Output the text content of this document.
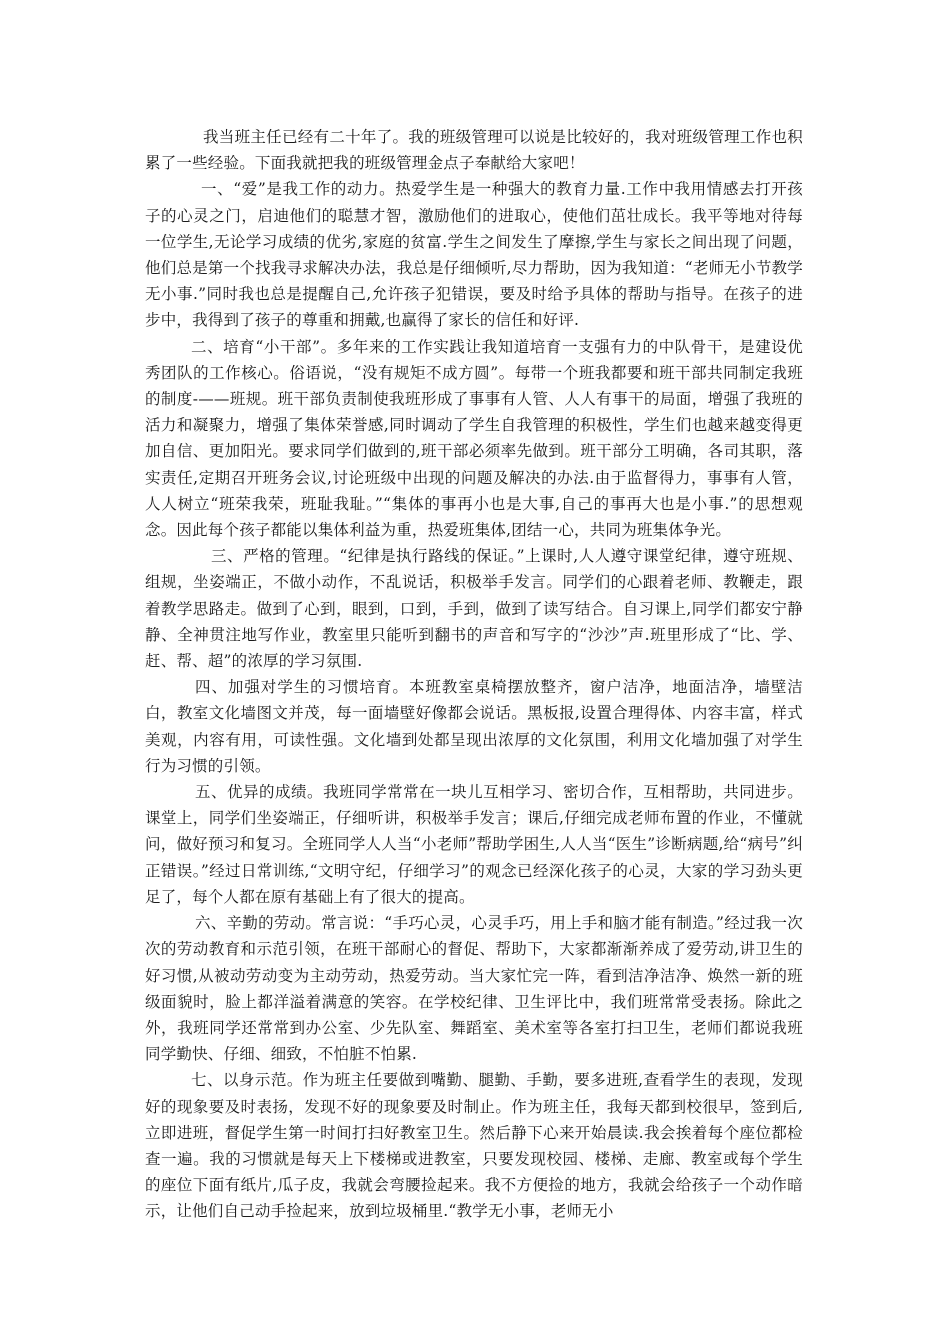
我当班主任已经有二十年了。我的班级管理可以说是比较好的，我对班级管理工作也积累了一些经验。下面我就把我的班级管理金点子奉献给大家吧！

一、“爱”是我工作的动力。热爱学生是一种强大的教育力量.工作中我用情感去打开孩子的心灵之门，启迪他们的聪慧才智，激励他们的进取心，使他们茁壮成长。我平等地对待每一位学生,无论学习成绩的优劣,家庭的贫富.学生之间发生了摩擦,学生与家长之间出现了问题，他们总是第一个找我寻求解决办法，我总是仔细倾听,尽力帮助，因为我知道：“老师无小节教学无小事.”同时我也总是提醒自己,允许孩子犯错误，要及时给予具体的帮助与指导。在孩子的进步中，我得到了孩子的尊重和拥戴,也赢得了家长的信任和好评.

二、培育“小干部”。多年来的工作实践让我知道培育一支强有力的中队骨干，是建设优秀团队的工作核心。俗语说，“没有规矩不成方圆”。每带一个班我都要和班干部共同制定我班的制度-——班规。班干部负责制使我班形成了事事有人管、人人有事干的局面，增强了我班的活力和凝聚力，增强了集体荣誉感,同时调动了学生自我管理的积极性，学生们也越来越变得更加自信、更加阳光。要求同学们做到的,班干部必须率先做到。班干部分工明确，各司其职，落实责任,定期召开班务会议,讨论班级中出现的问题及解决的办法.由于监督得力，事事有人管，人人树立“班荣我荣，班耻我耻。”“集体的事再小也是大事,自己的事再大也是小事.”的思想观念。因此每个孩子都能以集体利益为重，热爱班集体,团结一心，共同为班集体争光。

三、严格的管理。“纪律是执行路线的保证。”上课时,人人遵守课堂纪律，遵守班规、组规，坐姿端正，不做小动作，不乱说话，积极举手发言。同学们的心跟着老师、教鞭走，跟着教学思路走。做到了心到，眼到，口到，手到，做到了读写结合。自习课上,同学们都安宁静静、全神贯注地写作业，教室里只能听到翻书的声音和写字的“沙沙”声.班里形成了“比、学、赶、帮、超”的浓厚的学习氛围.

四、加强对学生的习惯培育。本班教室桌椅摆放整齐，窗户洁净，地面洁净，墙壁洁白，教室文化墙图文并茂，每一面墙壁好像都会说话。黑板报,设置合理得体、内容丰富，样式美观，内容有用，可读性强。文化墙到处都呈现出浓厚的文化氛围，利用文化墙加强了对学生行为习惯的引领。

五、优异的成绩。我班同学常常在一块儿互相学习、密切合作，互相帮助，共同进步。课堂上，同学们坐姿端正，仔细听讲，积极举手发言；课后,仔细完成老师布置的作业，不懂就问，做好预习和复习。全班同学人人当“小老师”帮助学困生,人人当“医生”诊断病题,给“病号”纠正错误。”经过日常训练,“文明守纪，仔细学习”的观念已经深化孩子的心灵，大家的学习劲头更足了，每个人都在原有基础上有了很大的提高。

六、辛勤的劳动。常言说：“手巧心灵，心灵手巧，用上手和脑才能有制造。”经过我一次次的劳动教育和示范引领，在班干部耐心的督促、帮助下，大家都渐渐养成了爱劳动,讲卫生的好习惯,从被动劳动变为主动劳动，热爱劳动。当大家忙完一阵，看到洁净洁净、焕然一新的班级面貌时，脸上都洋溢着满意的笑容。在学校纪律、卫生评比中，我们班常常受表扬。除此之外，我班同学还常常到办公室、少先队室、舞蹈室、美术室等各室打扫卫生，老师们都说我班同学勤快、仔细、细致，不怕脏不怕累.

七、以身示范。作为班主任要做到嘴勤、腿勤、手勤，要多进班,查看学生的表现，发现好的现象要及时表扬，发现不好的现象要及时制止。作为班主任，我每天都到校很早，签到后,立即进班，督促学生第一时间打扫好教室卫生。然后静下心来开始晨读.我会挨着每个座位都检查一遍。我的习惯就是每天上下楼梯或进教室，只要发现校园、楼梯、走廊、教室或每个学生的座位下面有纸片,瓜子皮，我就会弯腰捡起来。我不方便捡的地方，我就会给孩子一个动作暗示，让他们自己动手捡起来，放到垃圾桶里.“教学无小事，老师无小
